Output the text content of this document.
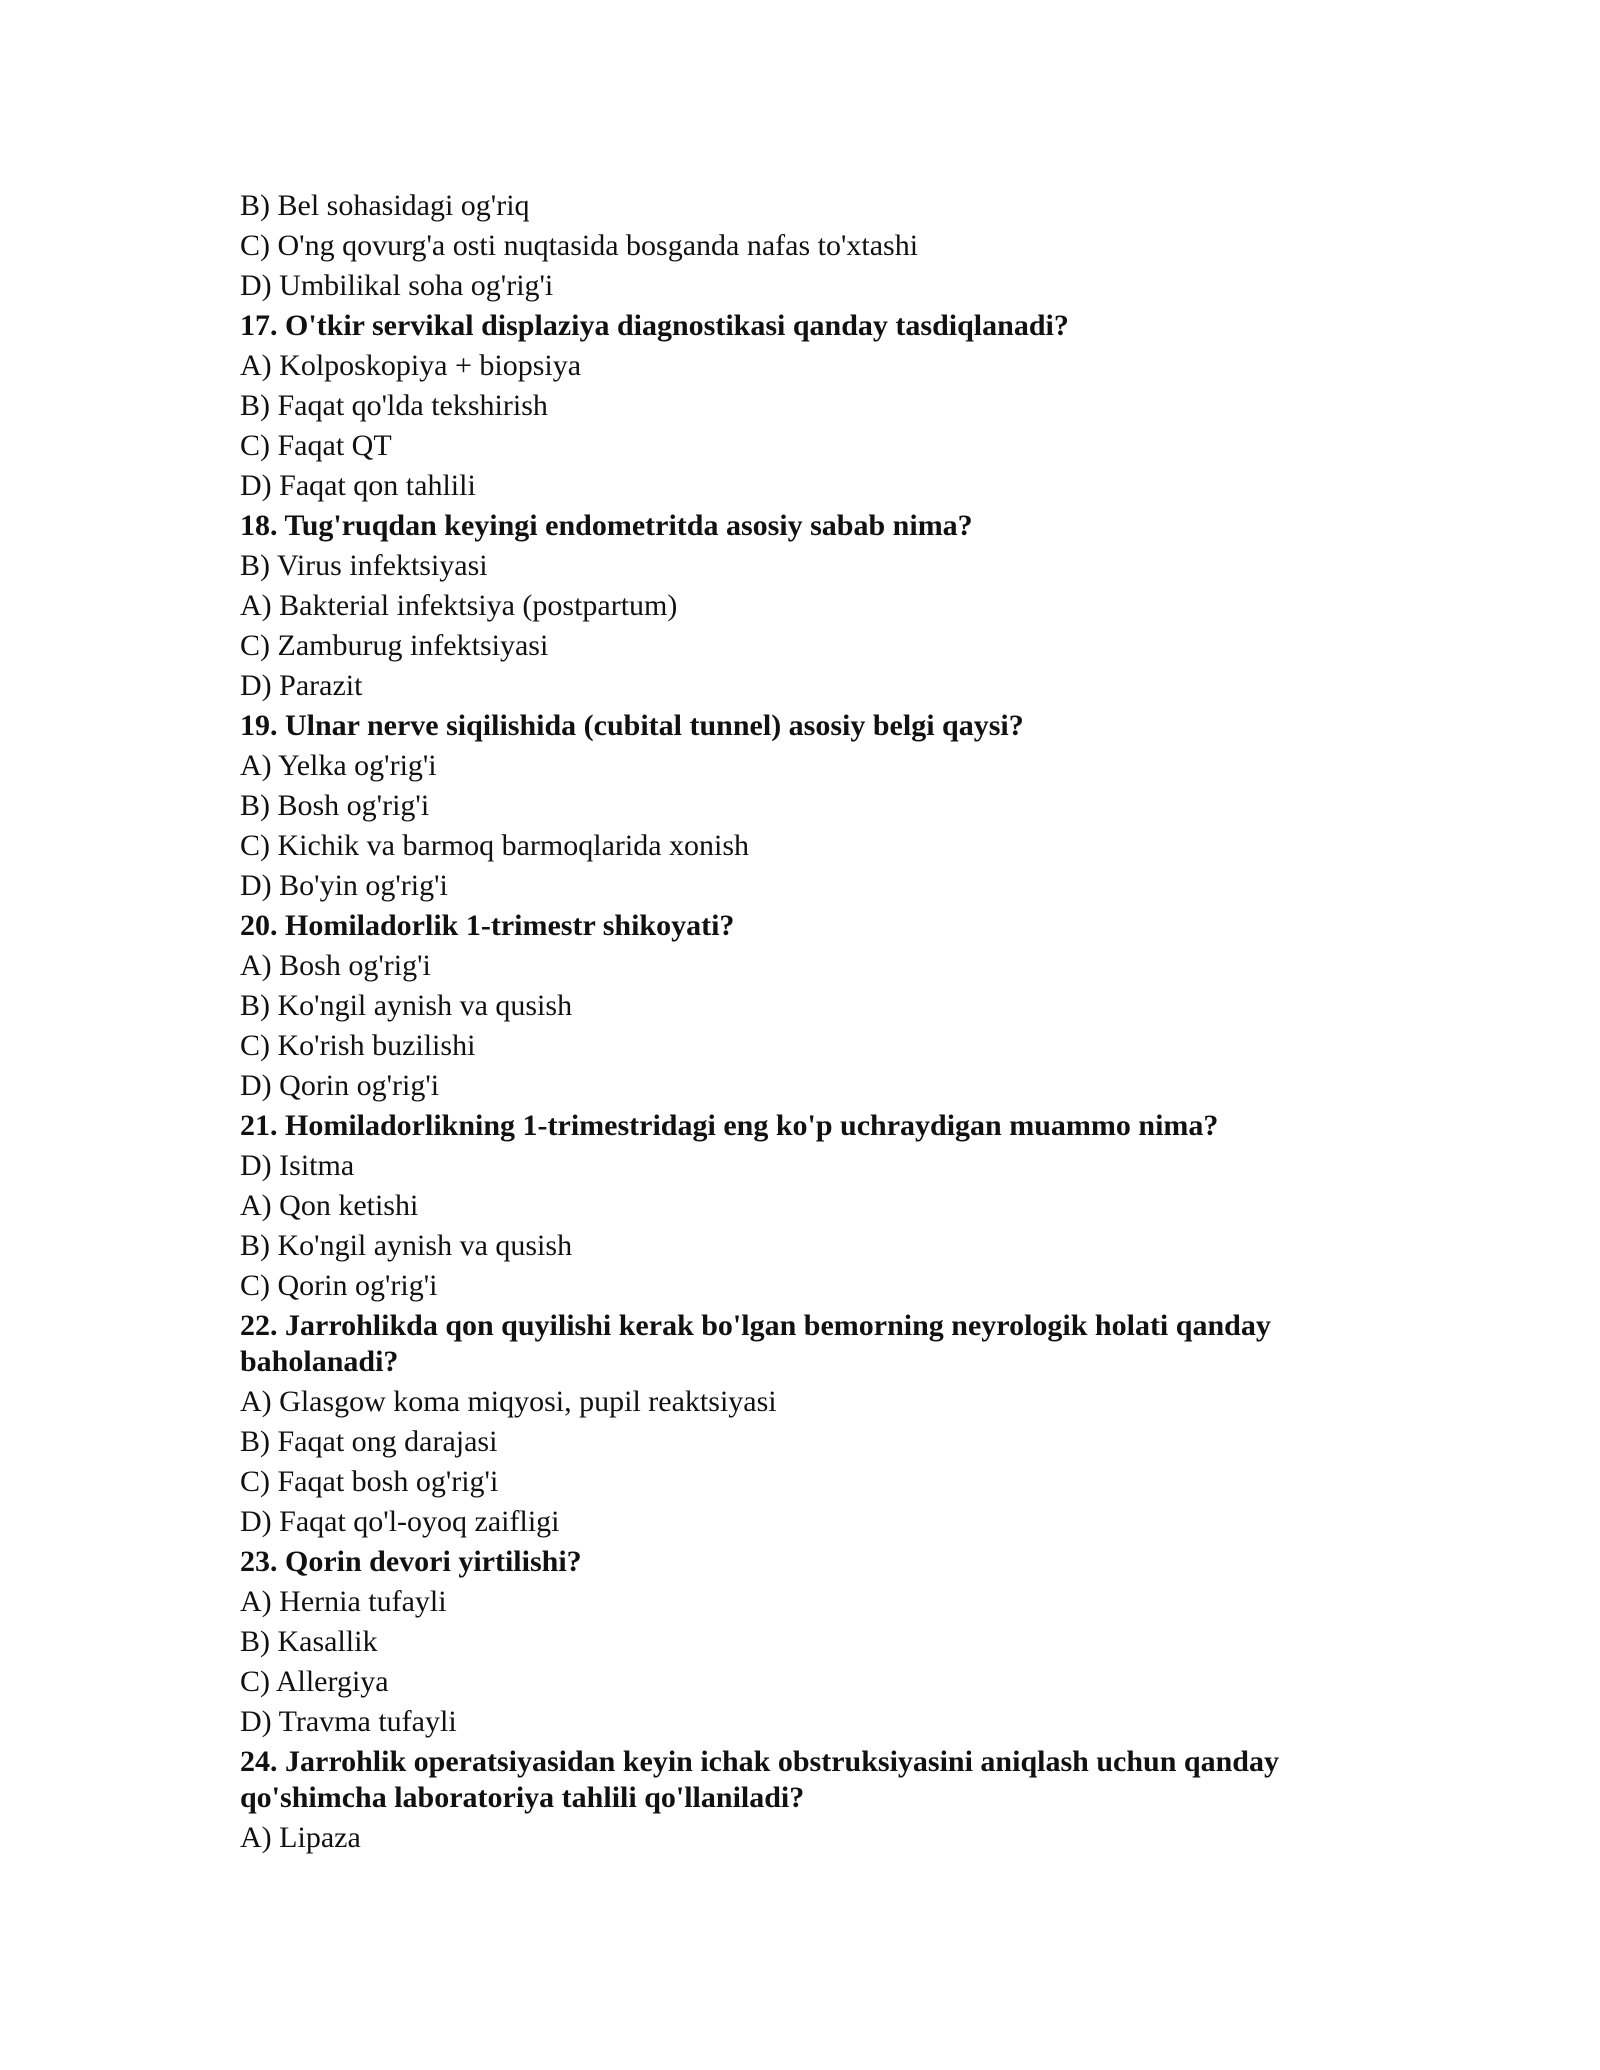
B) Bel sohasidagi og'riq

C) O'ng qovurg'a osti nuqtasida bosganda nafas to'xtashi

D) Umbilikal soha og'rig'i

17. O'tkir servikal displaziya diagnostikasi qanday tasdiqlanadi?

A) Kolposkopiya + biopsiya

B) Faqat qo'lda tekshirish

C) Faqat QT

D) Faqat qon tahlili

18. Tug'ruqdan keyingi endometritda asosiy sabab nima?

B) Virus infektsiyasi

A) Bakterial infektsiya (postpartum)

C) Zamburug infektsiyasi

D) Parazit

19. Ulnar nerve siqilishida (cubital tunnel) asosiy belgi qaysi?

A) Yelka og'rig'i

B) Bosh og'rig'i

C) Kichik va barmoq barmoqlarida xonish

D) Bo'yin og'rig'i

20. Homiladorlik 1-trimestr shikoyati?

A) Bosh og'rig'i

B) Ko'ngil aynish va qusish

C) Ko'rish buzilishi

D) Qorin og'rig'i

21. Homiladorlikning 1-trimestridagi eng ko'p uchraydigan muammo nima?

D) Isitma

A) Qon ketishi

B) Ko'ngil aynish va qusish

C) Qorin og'rig'i

22. Jarrohlikda qon quyilishi kerak bo'lgan bemorning neyrologik holati qanday baholanadi?

A) Glasgow koma miqyosi, pupil reaktsiyasi

B) Faqat ong darajasi

C) Faqat bosh og'rig'i

D) Faqat qo'l-oyoq zaifligi

23. Qorin devori yirtilishi?

A) Hernia tufayli

B) Kasallik

C) Allergiya

D) Travma tufayli

24. Jarrohlik operatsiyasidan keyin ichak obstruksiyasini aniqlash uchun qanday qo'shimcha laboratoriya tahlili qo'llaniladi?

A) Lipaza
